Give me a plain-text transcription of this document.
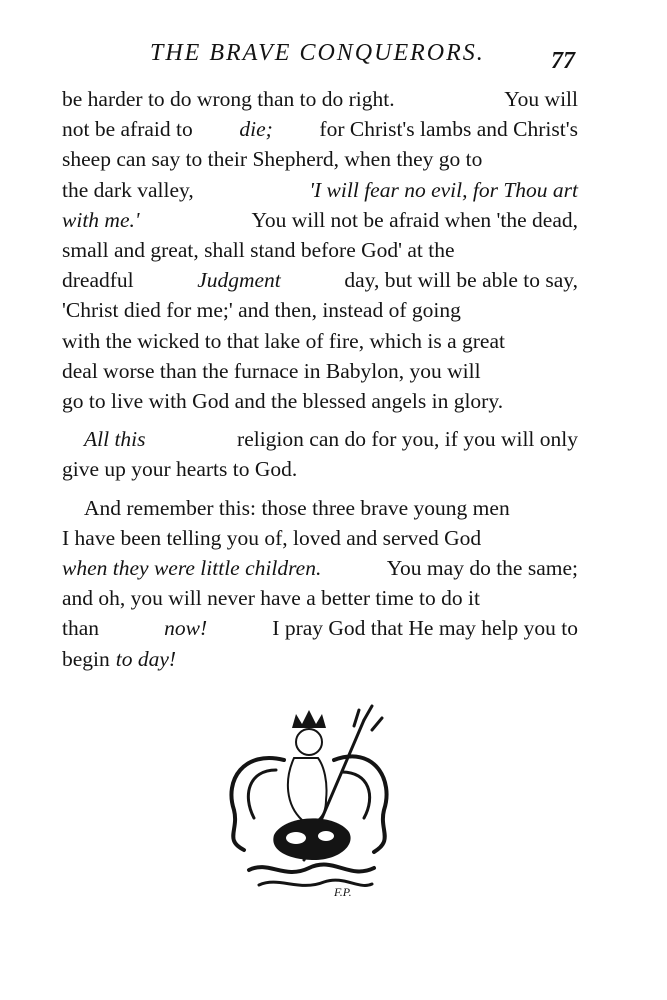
THE BRAVE CONQUERORS.	77
be harder to do wrong than to do right.	You will
not be afraid to die; for Christ's lambs and Christ's
sheep can say to their Shepherd, when they go to
the dark valley,	'I will fear no evil, for Thou art
with me.'	You will not be afraid when 'the dead,
small and great, shall stand before God' at the
dreadful	Judgment	day, but will be able to say,
'Christ died for me;' and then, instead of going
with the wicked to that lake of fire, which is a great
deal worse than the furnace in Babylon, you will
go to live with God and the blessed angels in glory.
All this	religion can do for you, if you will only
give up your hearts to God.
And remember this: those three brave young men
I have been telling you of, loved and served God
when they were little children.	You may do the same;
and oh, you will never have a better time to do it
than	now!	I pray God that He may help you to
begin to day!
F.P.
